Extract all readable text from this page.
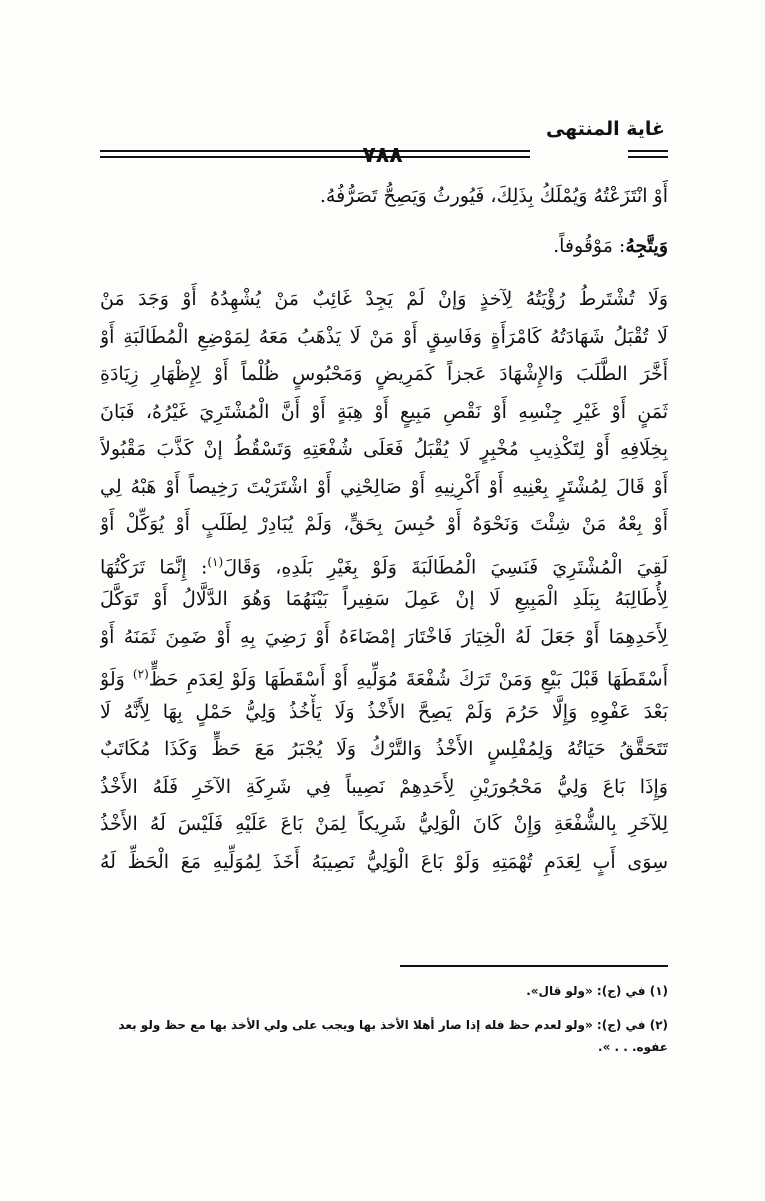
غاية المنتهى
٧٨٨
أَوْ انْتَزَعْتُهُ وَيُمْلَكُ بِذَلِكَ، فَيُورثُ وَيَصِحُّ تَصَرُّفُهُ.
وَيتَّجِهُ: مَوْقُوفاً.
وَلَا تُشْتَرطُ رُؤْيَتُهُ لِآخذٍ وَإنْ لَمْ يَجِدْ غَائِبٌ مَنْ يُشْهِدُهُ أَوْ وَجَدَ مَنْ
لَا تُقْبَلُ شَهَادَتُهُ كَامْرَأَةٍ وَفَاسِقٍ أَوْ مَنْ لَا يَذْهَبُ مَعَهُ لِمَوْضِعِ الْمُطَالَبَةِ أَوْ
أَخَّرَ الطَّلَبَ وَالإِشْهَادَ عَجزاً كَمَرِيضٍ وَمَحْبُوسٍ ظُلْماً أَوْ لِإِظْهَارِ زِيَادَةِ
ثَمَنٍ أَوْ غَيْرِ جِنْسِهِ أَوْ نَقْصِ مَبِيعٍ أَوْ هِبَةٍ أَوْ أَنَّ الْمُشْتَرِيَ غَيْرُهُ، فَبَانَ
بِخِلَافِهِ أَوْ لِتَكْذِيبِ مُخْبِرٍ لَا يُقْبَلُ فَعَلَى شُفْعَتِهِ وَتَسْقُطُ إنْ كَذَّبَ مَقْبُولاً
أَوْ قَالَ لِمُشْتَرٍ بِعْنِيهِ أَوْ أَكْرِنِيهِ أَوْ صَالِحْنِي أَوْ اشْتَرَيْتَ رَخِيصاً أَوْ هَبْهُ لِي
أَوْ بِعْهُ مَنْ شِئْتَ وَنَحْوَهُ أَوْ حُبِسَ بِحَقٍّ، وَلَمْ يُبَادِرْ لِطَلَبٍ أَوْ يُوَكِّلْ أَوْ
لَقِيَ الْمُشْتَرِيَ فَنَسِيَ الْمُطَالَبَةَ وَلَوْ بِغَيْرِ بَلَدِهِ، وَقَالَ$^{(١)}$: إِنَّمَا تَرَكْتُهَا
لِأُطَالِبَهُ بِبَلَدِ الْمَبِيعِ لَا إنْ عَمِلَ سَفِيراً بَيْنَهُمَا وَهُوَ الدَّلَّالُ أَوْ تَوَكَّلَ
لِأَحَدِهِمَا أَوْ جَعَلَ لَهُ الْخِيَارَ فَاخْتَارَ إمْضَاءَهُ أَوْ رَضِيَ بِهِ أَوْ ضَمِنَ ثَمَنَهُ أَوْ
أَسْقَطَهَا قَبْلَ بَيْعٍ وَمَنْ تَرَكَ شُفْعَةَ مُوَلِّيهِ أَوْ أَسْقَطَهَا وَلَوْ لِعَدَمِ حَظٍّ$^{(٢)}$ وَلَوْ
بَعْدَ عَفْوِهِ وَإِلَّا حَرُمَ وَلَمْ يَصِحَّ الأَخْذُ وَلَا يَأْخُذُ وَلِيُّ حَمْلٍ بِهَا لِأَنَّهُ لَا
تَتَحَقَّقُ حَيَاتُهُ وَلِمُفْلِسٍ الأَخْذُ وَالتَّرْكُ وَلَا يُجْبَرُ مَعَ حَظٍّ وَكَذَا مُكَاتَبٌ
وَإِذَا بَاعَ وَلِيُّ مَحْجُورَيْنِ لِأَحَدِهِمْ نَصِيباً فِي شَرِكَةِ الآخَرِ فَلَهُ الأَخْذُ
لِلآخَرِ بِالشُّفْعَةِ وَإِنْ كَانَ الْوَلِيُّ شَرِيكاً لِمَنْ بَاعَ عَلَيْهِ فَلَيْسَ لَهُ الأَخْذُ
سِوَى أَبٍ لِعَدَمِ تُهْمَتِهِ وَلَوْ بَاعَ الْوَلِيُّ نَصِيبَهُ أَخَذَ لِمُوَلِّيهِ مَعَ الْحَظِّ لَهُ

(١) في (ج): «ولو قال».

(٢) في (ج): «ولو لعدم حظ فله إذا صار أهلا الأخذ بها ويجب على ولي الأخذ بها مع حظ ولو بعد عفوه. . . ».
